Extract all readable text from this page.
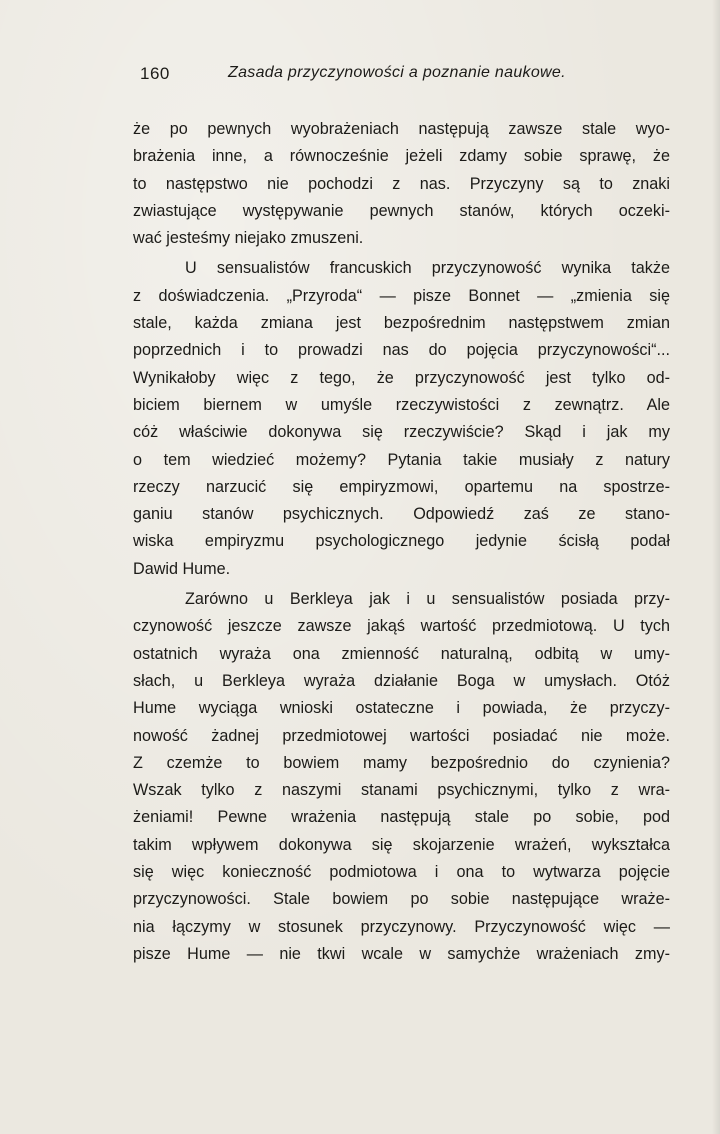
160	Zasada przyczynowości a poznanie naukowe.
że po pewnych wyobrażeniach następują zawsze stale wyo-
brażenia inne, a równocześnie jeżeli zdamy sobie sprawę, że
to następstwo nie pochodzi z nas. Przyczyny są to znaki
zwiastujące występywanie pewnych stanów, których oczeki-
wać jesteśmy niejako zmuszeni.
U sensualistów francuskich przyczynowość wynika także
z doświadczenia. „Przyroda“ — pisze Bonnet — „zmienia się
stale, każda zmiana jest bezpośrednim następstwem zmian
poprzednich i to prowadzi nas do pojęcia przyczynowości“...
Wynikałoby więc z tego, że przyczynowość jest tylko od-
biciem biernem w umyśle rzeczywistości z zewnątrz. Ale
cóż właściwie dokonywa się rzeczywiście? Skąd i jak my
o tem wiedzieć możemy? Pytania takie musiały z natury
rzeczy narzucić się empiryzmowi, opartemu na spostrze-
ganiu stanów psychicznych. Odpowiedź zaś ze stano-
wiska empiryzmu psychologicznego jedynie ścisłą podał
Dawid Hume.
Zarówno u Berkleya jak i u sensualistów posiada przy-
czynowość jeszcze zawsze jakąś wartość przedmiotową. U tych
ostatnich wyraża ona zmienność naturalną, odbitą w umy-
słach, u Berkleya wyraża działanie Boga w umysłach. Otóż
Hume wyciąga wnioski ostateczne i powiada, że przyczy-
nowość żadnej przedmiotowej wartości posiadać nie może.
Z czemże to bowiem mamy bezpośrednio do czynienia?
Wszak tylko z naszymi stanami psychicznymi, tylko z wra-
żeniami! Pewne wrażenia następują stale po sobie, pod
takim wpływem dokonywa się skojarzenie wrażeń, wykształca
się więc konieczność podmiotowa i ona to wytwarza pojęcie
przyczynowości. Stale bowiem po sobie następujące wraże-
nia łączymy w stosunek przyczynowy. Przyczynowość więc —
pisze Hume — nie tkwi wcale w samychże wrażeniach zmy-
